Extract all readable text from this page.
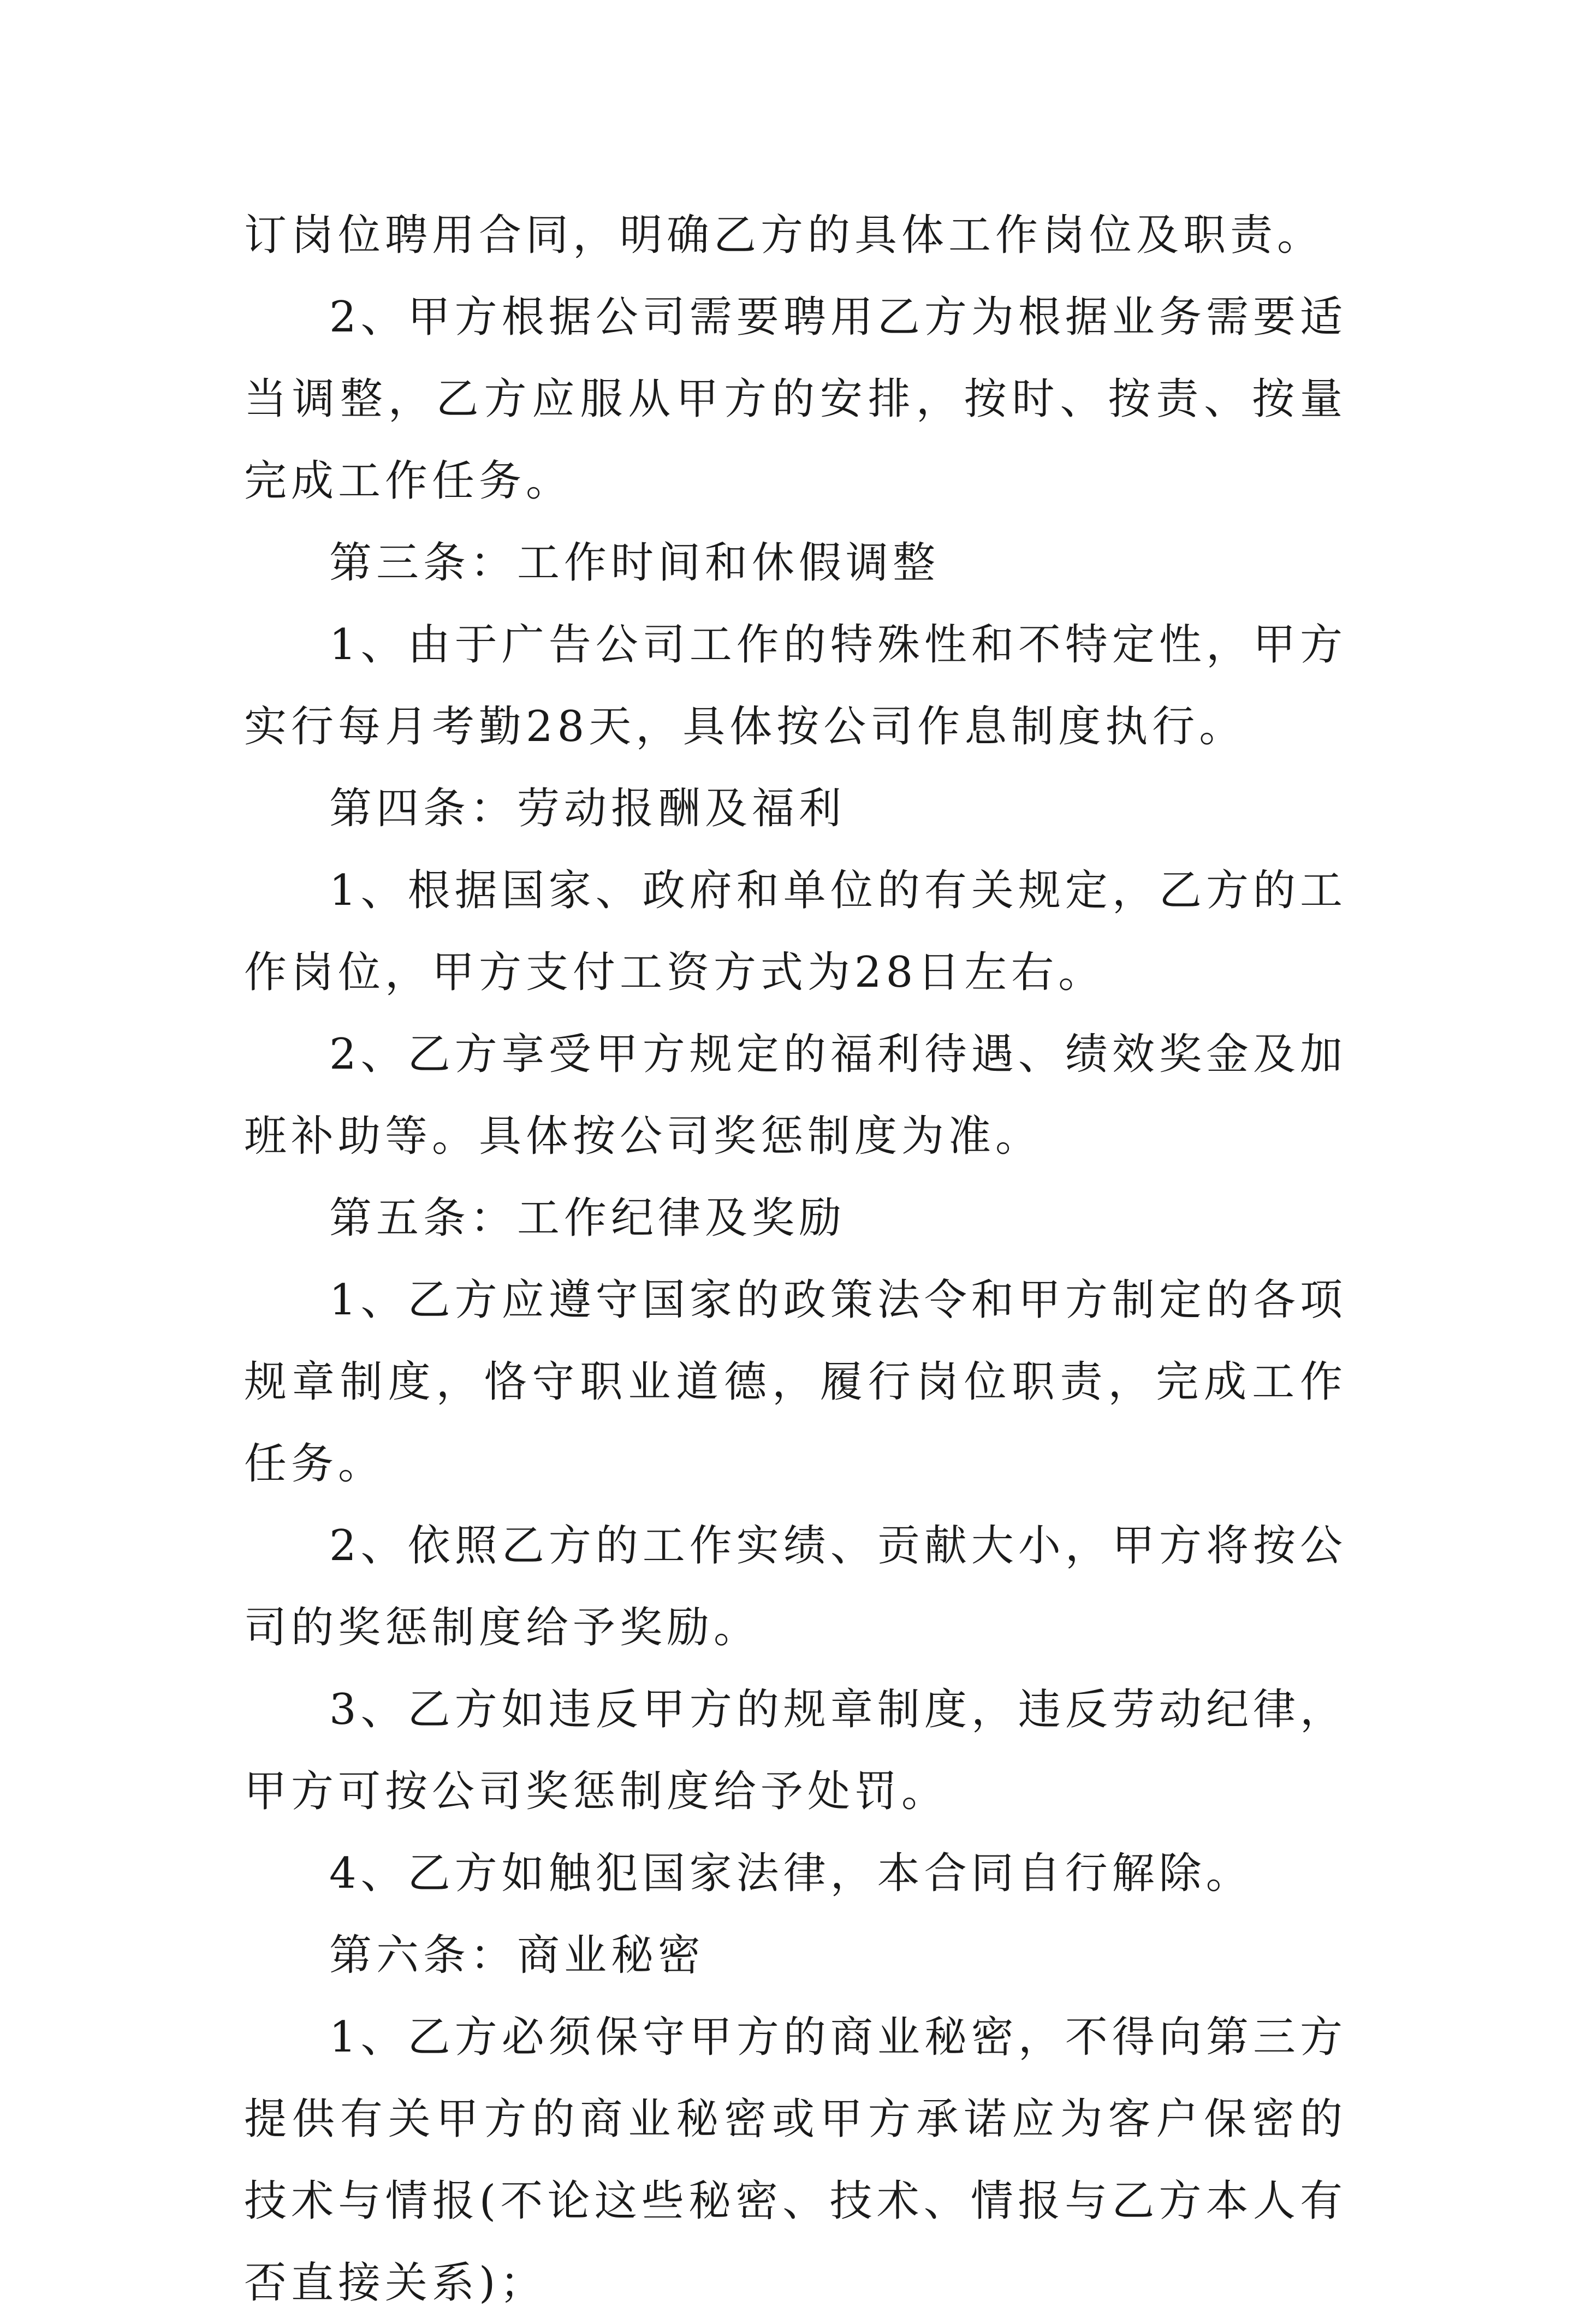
订岗位聘用合同，明确乙方的具体工作岗位及职责。

2、甲方根据公司需要聘用乙方为根据业务需要适当调整，乙方应服从甲方的安排，按时、按责、按量完成工作任务。

第三条：工作时间和休假调整

1、由于广告公司工作的特殊性和不特定性，甲方实行每月考勤28天，具体按公司作息制度执行。

第四条：劳动报酬及福利

1、根据国家、政府和单位的有关规定，乙方的工作岗位，甲方支付工资方式为28日左右。

2、乙方享受甲方规定的福利待遇、绩效奖金及加班补助等。具体按公司奖惩制度为准。

第五条：工作纪律及奖励

1、乙方应遵守国家的政策法令和甲方制定的各项规章制度，恪守职业道德，履行岗位职责，完成工作任务。

2、依照乙方的工作实绩、贡献大小，甲方将按公司的奖惩制度给予奖励。

3、乙方如违反甲方的规章制度，违反劳动纪律，甲方可按公司奖惩制度给予处罚。

4、乙方如触犯国家法律，本合同自行解除。

第六条：商业秘密

1、乙方必须保守甲方的商业秘密，不得向第三方提供有关甲方的商业秘密或甲方承诺应为客户保密的技术与情报(不论这些秘密、技术、情报与乙方本人有否直接关系)；
